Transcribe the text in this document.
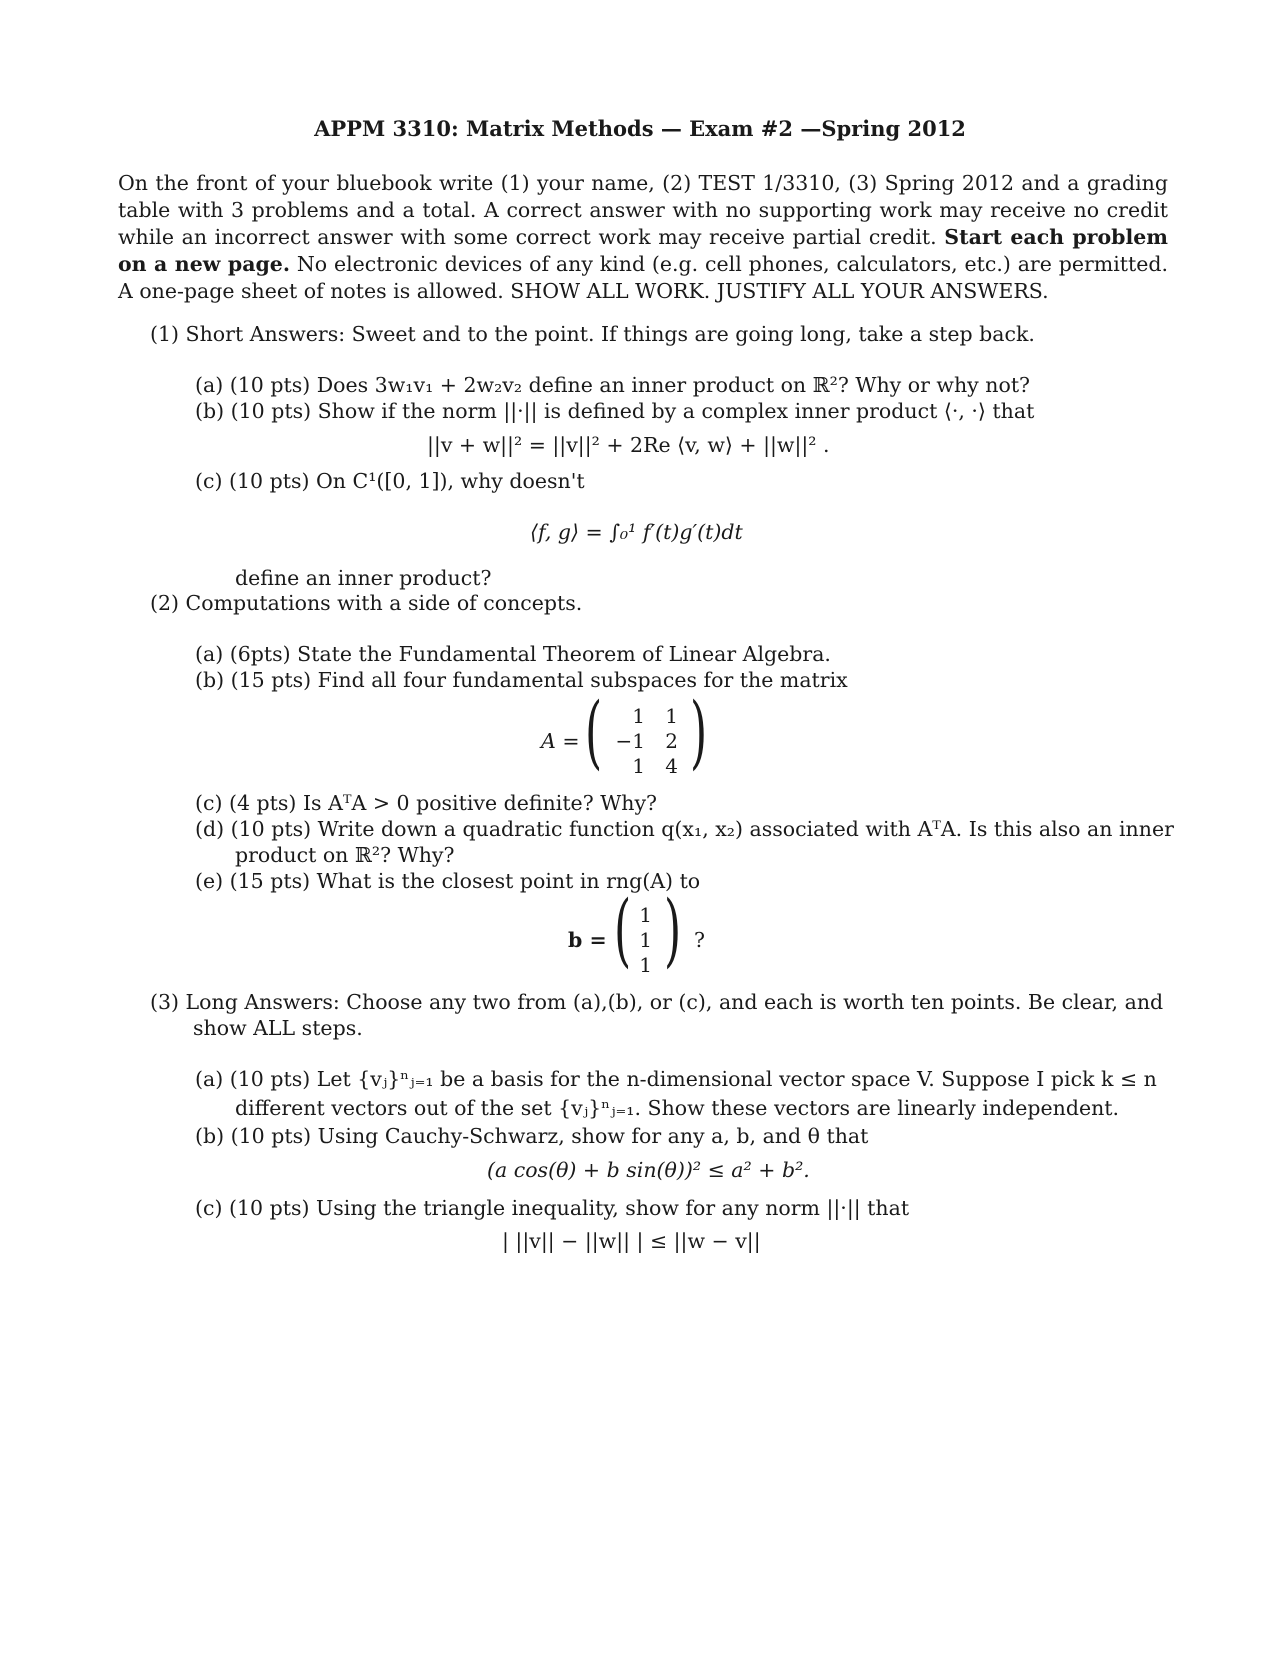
APPM 3310: Matrix Methods — Exam #2 —Spring 2012
On the front of your bluebook write (1) your name, (2) TEST 1/3310, (3) Spring 2012 and a grading table with 3 problems and a total. A correct answer with no supporting work may receive no credit while an incorrect answer with some correct work may receive partial credit. Start each problem on a new page. No electronic devices of any kind (e.g. cell phones, calculators, etc.) are permitted. A one-page sheet of notes is allowed. SHOW ALL WORK. JUSTIFY ALL YOUR ANSWERS.
(1) Short Answers: Sweet and to the point. If things are going long, take a step back.
(a) (10 pts) Does 3w₁v₁ + 2w₂v₂ define an inner product on ℝ²? Why or why not?
(b) (10 pts) Show if the norm ||·|| is defined by a complex inner product ⟨·, ·⟩ that
||v + w||² = ||v||² + 2Re ⟨v, w⟩ + ||w||² .
(c) (10 pts) On C¹([0, 1]), why doesn't
⟨f, g⟩ = ∫₀¹ f′(t)g′(t)dt
define an inner product?
(2) Computations with a side of concepts.
(a) (6pts) State the Fundamental Theorem of Linear Algebra.
(b) (15 pts) Find all four fundamental subspaces for the matrix
A = (	1	1
−1	2
1	4 )
(c) (4 pts) Is AᵀA > 0 positive definite? Why?
(d) (10 pts) Write down a quadratic function q(x₁, x₂) associated with AᵀA. Is this also an inner
product on ℝ²? Why?
(e) (15 pts) What is the closest point in rng(A) to
b = ( 1
1
1 ) ?
(3) Long Answers: Choose any two from (a),(b), or (c), and each is worth ten points. Be clear, and
show ALL steps.
(a) (10 pts) Let {vⱼ}ⁿⱼ₌₁ be a basis for the n-dimensional vector space V. Suppose I pick k ≤ n
different vectors out of the set {vⱼ}ⁿⱼ₌₁. Show these vectors are linearly independent.
(b) (10 pts) Using Cauchy-Schwarz, show for any a, b, and θ that
(a cos(θ) + b sin(θ))² ≤ a² + b².
(c) (10 pts) Using the triangle inequality, show for any norm ||·|| that
| ||v|| − ||w|| | ≤ ||w − v||
